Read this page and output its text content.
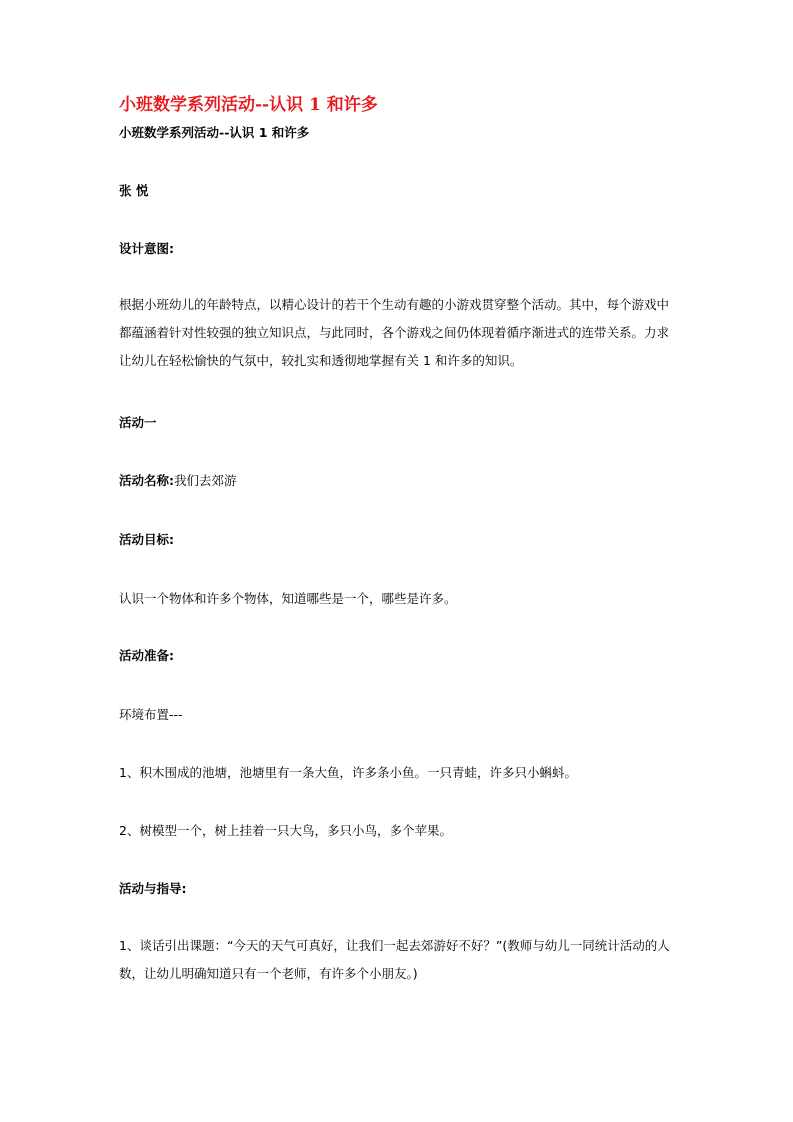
小班数学系列活动--认识 1 和许多
小班数学系列活动--认识 1 和许多
张 悦
设计意图:
根据小班幼儿的年龄特点，以精心设计的若干个生动有趣的小游戏贯穿整个活动。其中，每个游戏中都蕴涵着针对性较强的独立知识点，与此同时，各个游戏之间仍体现着循序渐进式的连带关系。力求让幼儿在轻松愉快的气氛中，较扎实和透彻地掌握有关 1 和许多的知识。
活动一
活动名称:我们去郊游
活动目标:
认识一个物体和许多个物体，知道哪些是一个，哪些是许多。
活动准备:
环境布置---
1、积木围成的池塘，池塘里有一条大鱼，许多条小鱼。一只青蛙，许多只小蝌蚪。
2、树模型一个，树上挂着一只大鸟，多只小鸟，多个苹果。
活动与指导:
1、谈话引出课题：“今天的天气可真好，让我们一起去郊游好不好？”(教师与幼儿一同统计活动的人数，让幼儿明确知道只有一个老师，有许多个小朋友。)
